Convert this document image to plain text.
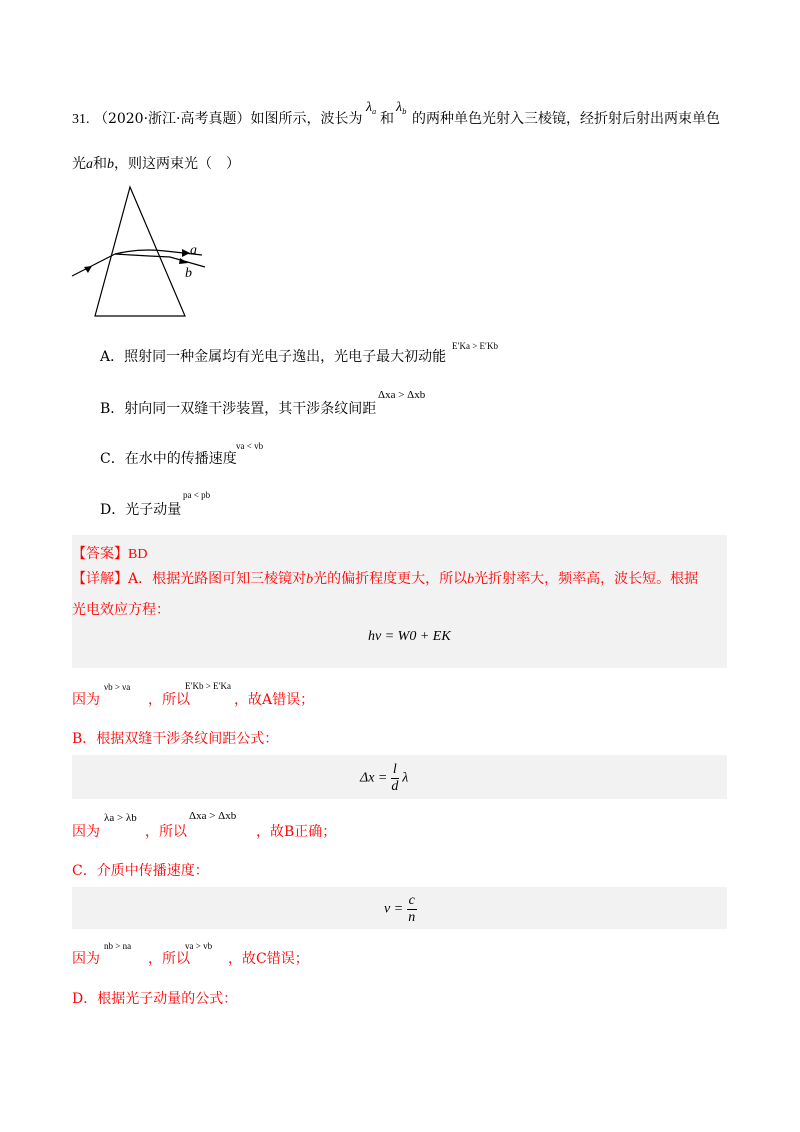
31. （2020·浙江·高考真题）如图所示，波长为
$\lambda_a$ 和
$\lambda_b$ 的两种单色光射入三棱镜，经折射后射出两束单色
光a和b，则这两束光（　）
a
b
A．照射同一种金属均有光电子逸出，光电子最大初动能
E′Ka > E′Kb
B．射向同一双缝干涉装置，其干涉条纹间距
Δxa > Δxb
C．在水中的传播速度
va < vb
D．光子动量
pa < pb
【答案】BD
【详解】A．根据光路图可知三棱镜对b光的偏折程度更大，所以b光折射率大，频率高，波长短。根据
光电效应方程：
hν = W0 + EK
因为
νb > νa
，所以
E′Kb > E′Ka
，故A错误；
B．根据双缝干涉条纹间距公式：
$\Delta x = \frac{l}{d}$ λ
因为
λa > λb
，所以
Δxa > Δxb
，故B正确；
C．介质中传播速度：
$v = \frac{c}{n}$
因为
nb > na
，所以
va > vb
，故C错误；
D．根据光子动量的公式：
